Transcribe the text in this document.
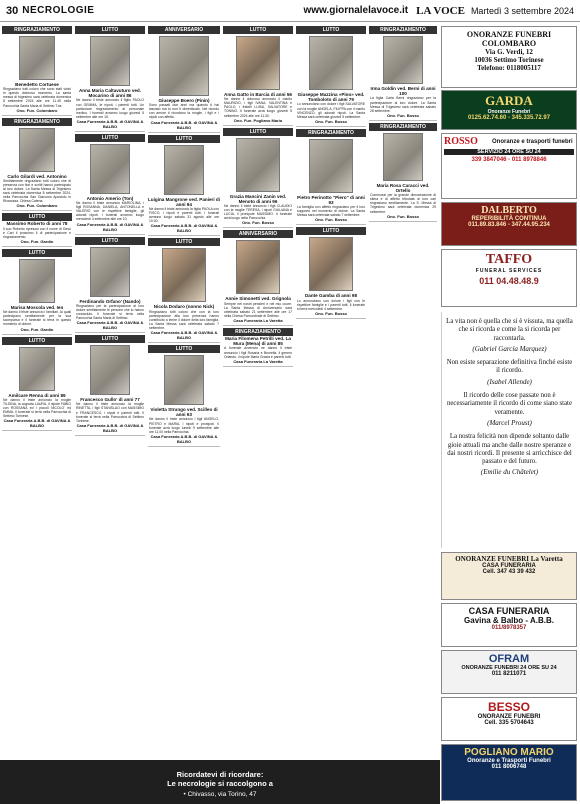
30 NECROLOGIE	www.giornalelavoce.it LA VOCE Martedì 3 settembre 2024
RINGRAZIAMENTO
Benedetto Cortuese
Ringraziano tutti coloro che sono stati vicini in questo doloroso momento. La santa messa di trigesimo sarà celebrata domenica 8 settembre 2024 alle ore 11.45 nella Parrocchia Santa Maria di Settimo T.se.
Ono. Fun. Colombaro
RINGRAZIAMENTO
Carlo Gilardi ved. Antonino
Sentitamente ringraziano tutti coloro che di presenza con fiori e scritti hanno partecipato al loro dolore. La Santa Messa di Trigesimo sarà celebrata domenica 8 settembre 2024, nella Parrocchia San Giacomo Apostolo in Rivarossa. Chiesa Catena.
Ono. Fun. Colombaro
LUTTO
Massimo Roberto di anni 78
Il suo Roberto ripresosi con il nome di Gesù e Cari il prossimo il di partecipazione e ringraziamento.
Ono. Fun. Gardin
LUTTO
Marisa Moscola ved. Ien
Ne danno il triste annuncio i familiari. Ai quali partecipano sentitamente per la sua scomparsa e il funerale si terrà in questo momento di dolore.
Ono. Fun. Gardin
LUTTO
Amilcare Renna di anni 89
Ne danno il triste annuncio la moglie TILDINA, la cognata LAURA, il nipote FABIO con ROSSANA ed i piccoli NICOLO' ed EMMA. Il funerale si terrà nella Parrocchia di Settimo Torinese.
Casa Funeraria A.B.B. di GAVINA & BALBO
LUTTO
Anna Maria Caltavuturo ved. Mocarino di anni 86
Ne danno il triste annuncio il figlio PAOLO con GEMMA, le nipoti, i parenti tutti. Un particolare ringraziamento al personale medico. I funerali avranno luogo giovedì 5 settembre alle ore 15.
Casa Funeraria A.B.B. di GAVINA & BALBO
LUTTO
Antonio Amerio (Ton)
Ne danno il triste annuncio MARIOLINA, i figli ROSANNA, DANIELA, ANTONELLA e VALERIO con le rispettive famiglie, gli adorati nipoti. I funerali avranno luogo mercoledì 4 settembre alle ore 10.
Casa Funeraria A.B.B. di GAVINA & BALBO
LUTTO
Ferdinando Orfano' (Nando)
Ringraziano per la partecipazione al loro dolore sentitamente le persone che lo hanno conosciuto. Il funerale si terrà nella Parrocchia Santa Maria di Settimo.
Casa Funeraria A.B.B. di GAVINA & BALBO
LUTTO
Francesco Gullo' di anni 77
Ne danno il triste annuncio la moglie RINETTA, i figli STANISLAO con MASSIMO e FRANCESCO, i nipoti e parenti tutti. Il funerale si terrà nella Parrocchia di Settimo Torinese.
Casa Funeraria A.B.B. di GAVINA & BALBO
ANNIVERSARIO
Giuseppe Boero (Pinin)
Sono passati due anni ma quando ti hai lasciato ma tu non ti dimenticato. Nel ricordo con amore ti ricordano la moglie, i figli e i nipoti con affetto.
Casa Funeraria A.B.B. di GAVINA & BALBO
LUTTO
Luigina Mangrone ved. Panieri di anni 94
Ne danno il triste annuncio la figlia PAOLA con FISCO, i nipoti e parenti tutti. I funerali avranno luogo sabato 31 agosto alle ore 10.00.
Casa Funeraria A.B.B. di GAVINA & BALBO
LUTTO
Nicola Dodaro (nonno Nick)
Ringraziano tutti coloro che con la loro partecipazione alla loro presenza hanno contribuito a lenire il dolore della loro famiglia. La Santa Messa sarà celebrata sabato 7 settembre.
Casa Funeraria A.B.B. di GAVINA & BALBO
LUTTO
Violetta Strungo ved. Scilleo di anni 93
Ne danno il triste annuncio i figli ANGELO, PIETRO e MARIA, i nipoti e pronipoti. Il funerale avrà luogo lunedì 9 settembre alle ore 11.00 nella Parrocchia.
Casa Funeraria A.B.B. di GAVINA & BALBO
LUTTO
Anna Gatto in Barcia di anni 56
Ne danno il doloroso annuncio il marito MAURIZIO, i figli IVANA, VALENTINA e PAOLO, i fratelli LUISA, SALVATORE e TONINO. Il funerale avrà luogo giovedì 5 settembre 2024 alle ore 11.30.
Ono. Fun. Pogliano Mario
LUTTO
Grazia Mancini Zanin ved. Menoto di anni 96
Ne danno il triste annuncio i figli CLAUDIO con la moglie TERESA, i nipoti GIULIANA e LUCIA, il pronipote MASSIMO. Il funerale avrà luogo nella Parrocchia.
Ono. Fun. Bosso
ANNIVERSARIO
Annie Simonetti ved. Grignola
Sempre nei nostri pensieri e nel mio cuore. La Santa Messa di Anniversario sarà celebrata sabato 21 settembre alle ore 17 nella Chiesa Parrocchiale di Settimo.
Casa Funeraria La Varetta
RINGRAZIAMENTO
Maria Filomena Petrilli ved. La Mura (Mena) di anni 85
A funerale avvenuto ne danno il triste annuncio i figli Rosaria e Brunella, il genero Orlando, il nipote Maria Grazia e parenti tutti.
Casa Funeraria La Varetta
LUTTO
Giuseppe Mazzina «Pino» ved. Tomboloto di anni 79
Lo annunciano con dolore i figli SALVATORE con la moglie ANGELA, FILIPPA con il marito VINCENZO, gli adorati nipoti. La Santa Messa sarà celebrata giovedì 5 settembre.
Ono. Fun. Bosso
RINGRAZIAMENTO
Pietro Perinotto "Piero" di anni 93
La famiglia con affetto ringraziano per il loro supporto nel momento di dolore. La Santa Messa sarà celebrata sabato 7 settembre.
Ono. Fun. Bosso
LUTTO
Dante Gamba di anni 98
Lo annunciano con dolore i figli con le rispettive famiglie e i parenti tutti. Il funerale si terrà mercoledì 4 settembre.
Ono. Fun. Bosso
RINGRAZIAMENTO
Irma Goldin ved. Berni di anni 100
La figlia Carla Berni ringraziano per la partecipazione al loro dolore. La Santa Messa di Trigesimo sarà celebrata sabato 28 settembre.
Ono. Fun. Bosso
RINGRAZIAMENTO
Maria Rosa Caracci ved. Ortello
Commossi per la grande dimostrazione di stima e di affetto tributata ai loro cari ringraziano sentitamente. La S. Messa di Trigesimo sarà celebrata domenica 29 settembre.
Ono. Fun. Bosso
ONORANZE FUNEBRI COLOMBARO
Via G. Verdi, 12
10036 Settimo Torinese
Telefono: 0118005117
GARDA
Onoranze Funebri
0125.62.74.60 - 345.335.72.97
ROSSO	Onoranze e trasporti funebri
SERVIZIO 24 ORE SU 24
339 3847046 - 011 8978846
DALBERTO
REPERIBILITÀ CONTINUA
011.89.83.846 - 347.44.95.234
TAFFO
FUNERAL SERVICES
011 04.48.48.9
La vita non è quella che si è vissuta, ma quella che si ricorda e come la si ricorda per raccontarla.
(Gabriel García Marquez)
Non esiste separazione definitiva finché esiste il ricordo.
(Isabel Allende)
Il ricordo delle cose passate non è necessariamente il ricordo di come siano state veramente.
(Marcel Proust)
La nostra felicità non dipende soltanto dalle gioie attuali ma anche dalle nostre speranze e dai nostri ricordi. Il presente si arricchisce del passato e del futuro.
(Emilie du Châtelet)
ONORANZE FUNEBRI La Varetta
CASA FUNERARIA
Cell. 347 43 39 432
CASA FUNERARIA
Gavina & Balbo - A.B.B.
011/8978357
OFRAM
ONORANZE FUNEBRI 24 ORE SU 24
011 8211071
BESSO
ONORANZE FUNEBRI
Cell. 335 5704643
POGLIANO MARIO
Onoranze e Trasporti Funebri
011 8006748
Ricordatevi di ricordare:
Le necrologie si raccolgono a
• Chivasso, via Torino, 47
